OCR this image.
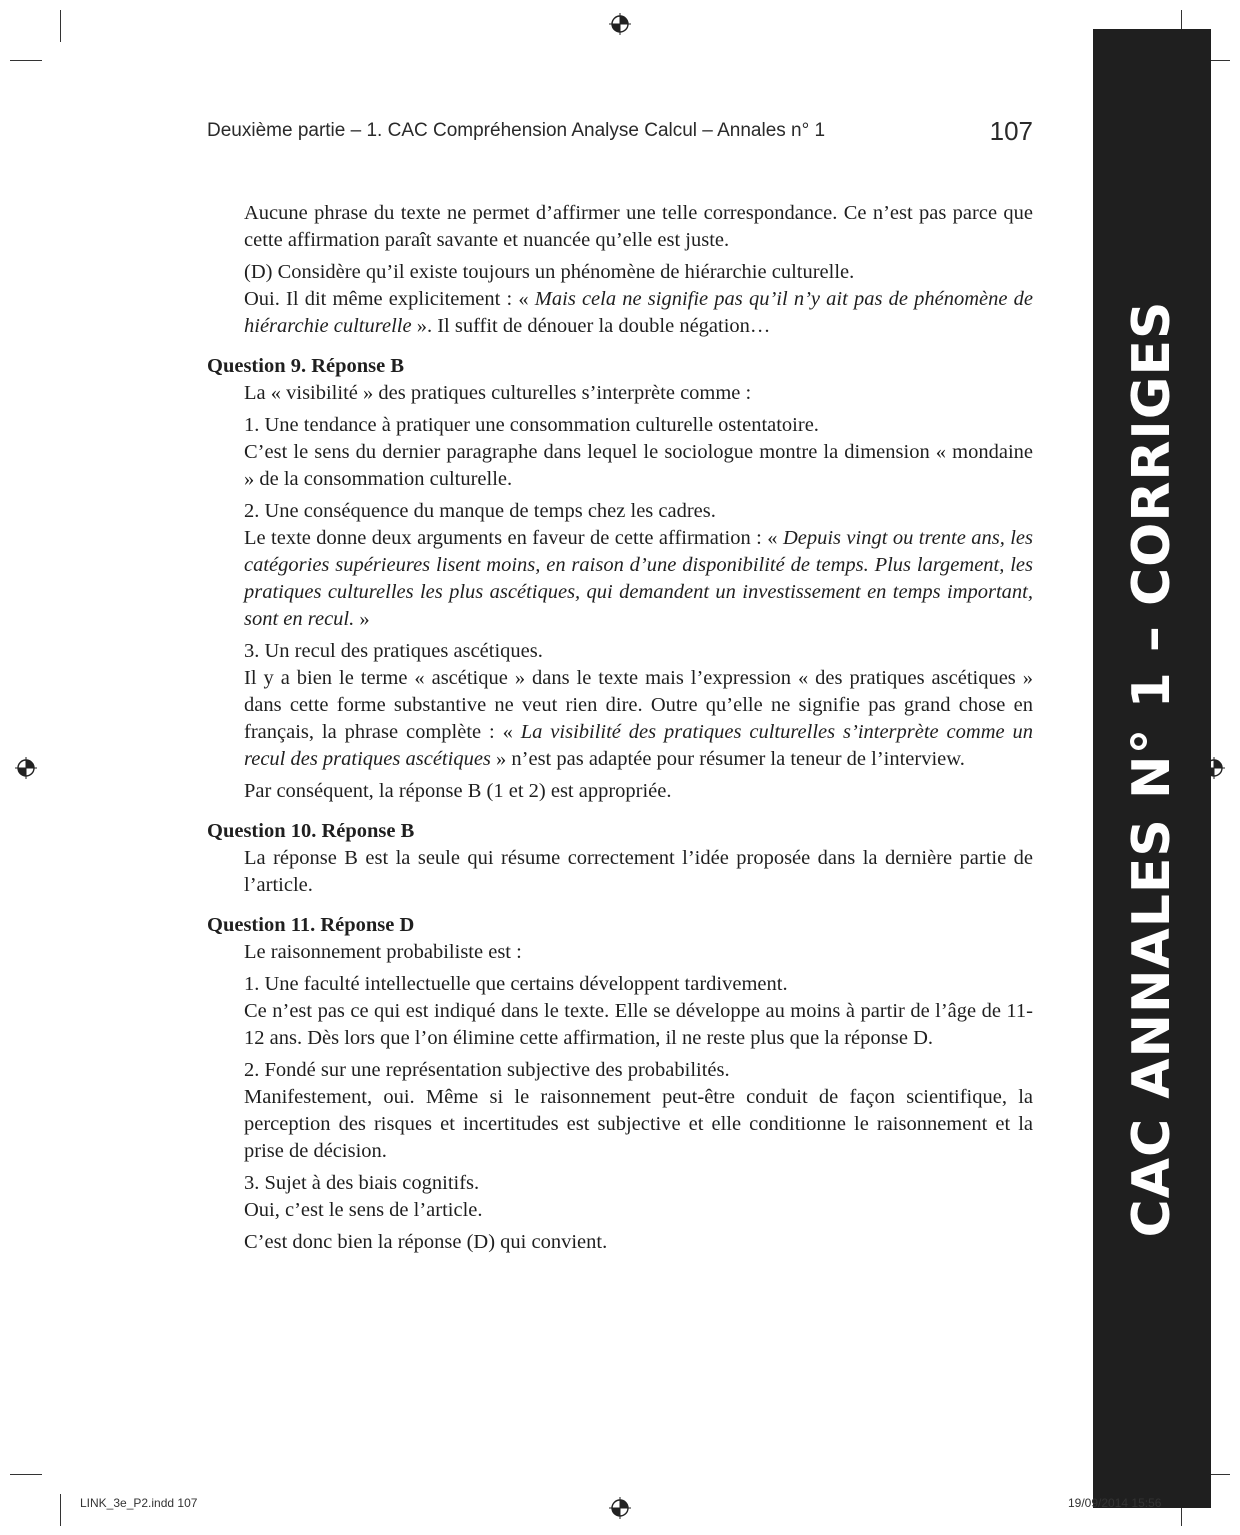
Deuxième partie – 1. CAC Compréhension Analyse Calcul – Annales n° 1	107

Aucune phrase du texte ne permet d’affirmer une telle correspondance. Ce n’est pas parce que cette affirmation paraît savante et nuancée qu’elle est juste.

(D) Considère qu’il existe toujours un phénomène de hiérarchie culturelle.

Oui. Il dit même explicitement : « Mais cela ne signifie pas qu’il n’y ait pas de phénomène de hiérarchie culturelle ». Il suffit de dénouer la double négation…

Question 9. Réponse B

La « visibilité » des pratiques culturelles s’interprète comme :

1. Une tendance à pratiquer une consommation culturelle ostentatoire.

C’est le sens du dernier paragraphe dans lequel le sociologue montre la dimension « mondaine » de la consommation culturelle.

2. Une conséquence du manque de temps chez les cadres.

Le texte donne deux arguments en faveur de cette affirmation : « Depuis vingt ou trente ans, les catégories supérieures lisent moins, en raison d’une disponibilité de temps. Plus largement, les pratiques culturelles les plus ascétiques, qui demandent un investissement en temps important, sont en recul. »

3. Un recul des pratiques ascétiques.

Il y a bien le terme « ascétique » dans le texte mais l’expression « des pratiques ascétiques » dans cette forme substantive ne veut rien dire. Outre qu’elle ne signifie pas grand chose en français, la phrase complète : « La visibilité des pratiques culturelles s’interprète comme un recul des pratiques ascétiques » n’est pas adaptée pour résumer la teneur de l’interview.

Par conséquent, la réponse B (1 et 2) est appropriée.

Question 10. Réponse B

La réponse B est la seule qui résume correctement l’idée proposée dans la dernière partie de l’article.

Question 11. Réponse D

Le raisonnement probabiliste est :

1. Une faculté intellectuelle que certains développent tardivement.

Ce n’est pas ce qui est indiqué dans le texte. Elle se développe au moins à partir de l’âge de 11-12 ans. Dès lors que l’on élimine cette affirmation, il ne reste plus que la réponse D.

2. Fondé sur une représentation subjective des probabilités.

Manifestement, oui. Même si le raisonnement peut-être conduit de façon scientifique, la perception des risques et incertitudes est subjective et elle conditionne le raisonnement et la prise de décision.

3. Sujet à des biais cognitifs.

Oui, c’est le sens de l’article.

C’est donc bien la réponse (D) qui convient.

CAC ANNALES N° 1 – CORRIGES
LINK_3e_P2.indd 107	19/09/2014 15:56
